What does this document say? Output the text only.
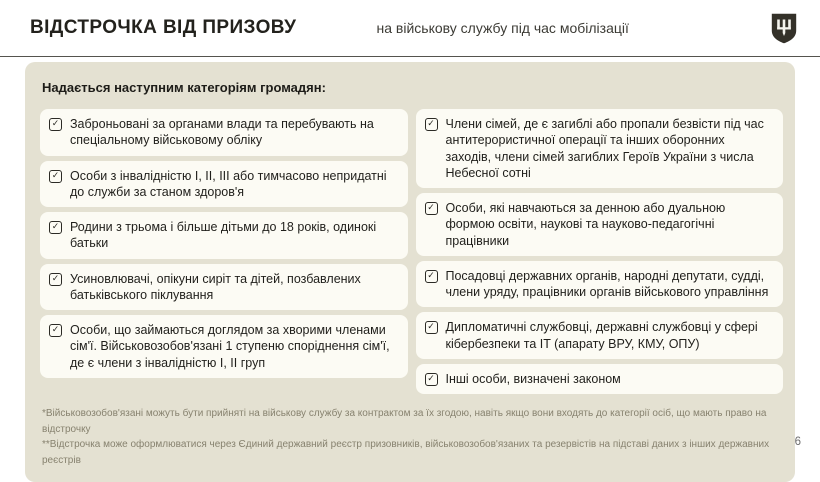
ВІДСТРОЧКА ВІД ПРИЗОВУ	на військову службу під час мобілізації
Надається наступним категоріям громадян:
✓ Заброньовані за органами влади та перебувають на спеціальному військовому обліку
✓ Особи з інвалідністю I, II, III або тимчасово непридатні до служби за станом здоров'я
✓ Родини з трьома і більше дітьми до 18 років, одинокі батьки
✓ Усиновлювачі, опікуни сиріт та дітей, позбавлених батьківського піклування
✓ Особи, що займаються доглядом за хворими членами сім'ї. Військовозобов'язані 1 ступеню споріднення сім'ї, де є члени з інвалідністю I, II груп
✓ Члени сімей, де є загиблі або пропали безвісти під час антитерористичної операції та інших оборонних заходів, члени сімей загиблих Героїв України з числа Небесної сотні
✓ Особи, які навчаються за денною або дуальною формою освіти, наукові та науково-педагогічні працівники
✓ Посадовці державних органів, народні депутати, судді, члени уряду, працівники органів військового управління
✓ Дипломатичні службовці, державні службовці у сфері кібербезпеки та IT (апарату ВРУ, КМУ, ОПУ)
✓ Інші особи, визначені законом
*Військовозобов'язані можуть бути прийняті на військову службу за контрактом за їх згодою, навіть якщо вони входять до категорії осіб, що мають право на відстрочку
**Відстрочка може оформлюватися через Єдиний державний реєстр призовників, військовозобов'язаних та резервістів на підставі даних з інших державних реєстрів
6
